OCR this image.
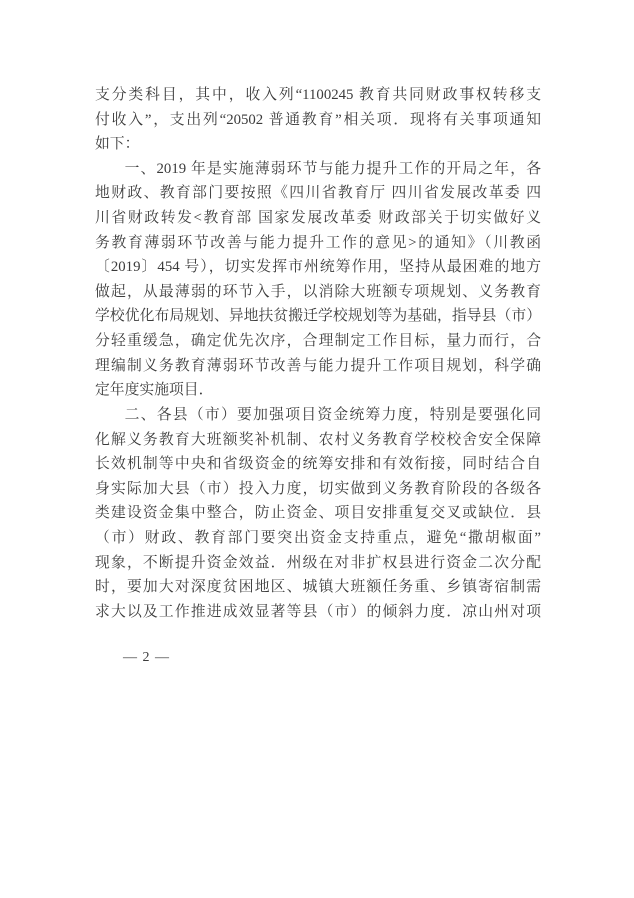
支分类科目，其中，收入列“1100245 教育共同财政事权转移支
付收入”，支出列“20502 普通教育”相关项．现将有关事项通知
如下：
一、2019 年是实施薄弱环节与能力提升工作的开局之年，各
地财政、教育部门要按照《四川省教育厅 四川省发展改革委 四
川省财政转发<教育部 国家发展改革委 财政部关于切实做好义
务教育薄弱环节改善与能力提升工作的意见>的通知》（川教函
〔2019〕454 号），切实发挥市州统筹作用，坚持从最困难的地方
做起，从最薄弱的环节入手，以消除大班额专项规划、义务教育
学校优化布局规划、异地扶贫搬迁学校规划等为基础，指导县（市）
分轻重缓急，确定优先次序，合理制定工作目标，量力而行，合
理编制义务教育薄弱环节改善与能力提升工作项目规划，科学确
定年度实施项目．
二、各县（市）要加强项目资金统筹力度，特别是要强化同
化解义务教育大班额奖补机制、农村义务教育学校校舍安全保障
长效机制等中央和省级资金的统筹安排和有效衔接，同时结合自
身实际加大县（市）投入力度，切实做到义务教育阶段的各级各
类建设资金集中整合，防止资金、项目安排重复交叉或缺位．县
（市）财政、教育部门要突出资金支持重点，避免“撒胡椒面”
现象，不断提升资金效益．州级在对非扩权县进行资金二次分配
时，要加大对深度贫困地区、城镇大班额任务重、乡镇寄宿制需
求大以及工作推进成效显著等县（市）的倾斜力度．凉山州对项
— 2 —
